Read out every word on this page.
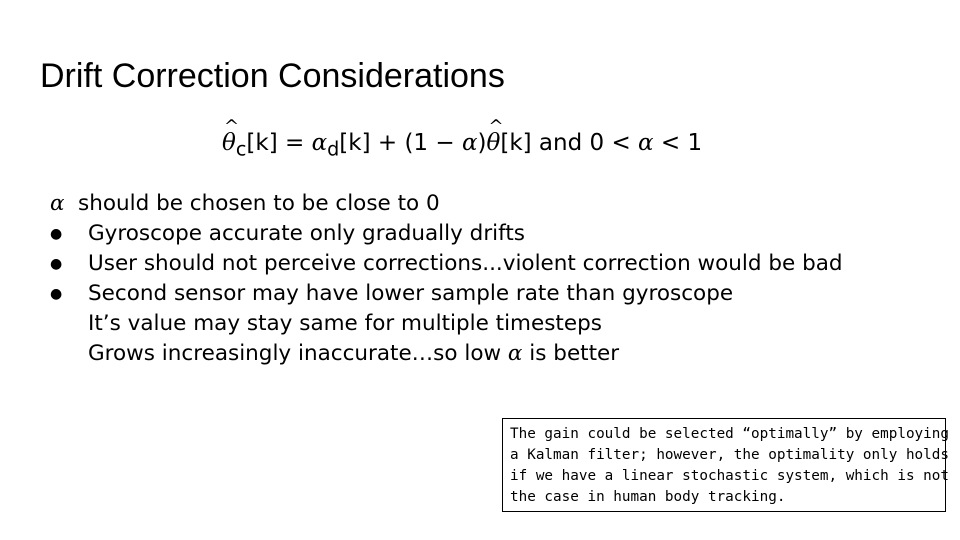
Drift Correction Considerations
^ $\theta_c[k] = \alpha_d[k] + (1$ − α)^ θ[k] and 0 < α < 1
α should be chosen to be close to 0
●	Gyroscope accurate only gradually drifts
●	User should not perceive corrections...violent correction would be bad
●	Second sensor may have lower sample rate than gyroscope
It’s value may stay same for multiple timesteps
Grows increasingly inaccurate…so low α is better
The gain could be selected “optimally” by employing
a Kalman filter; however, the optimality only holds
if we have a linear stochastic system, which is not
the case in human body tracking.
